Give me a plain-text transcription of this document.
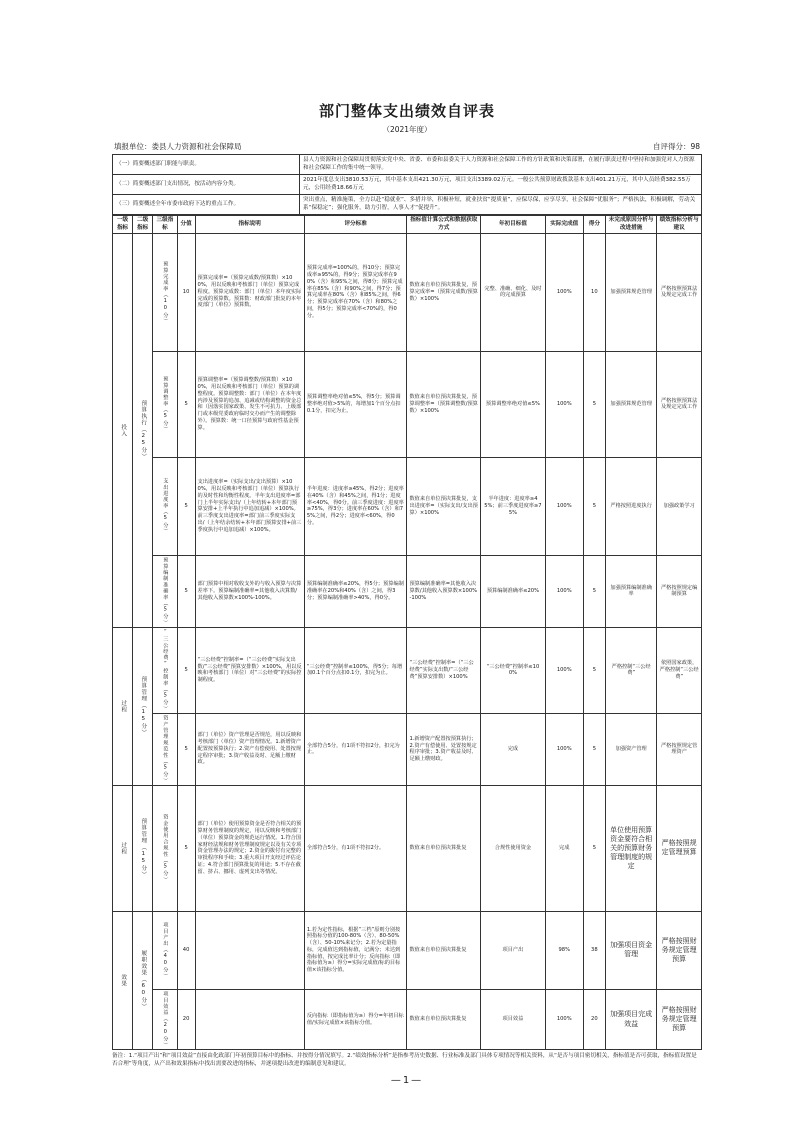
部门整体支出绩效自评表
（2021年度）
填报单位：娄县人力资源和社会保障局	自评得分：98
（一）简要概述部门职能与职责。	县人力资源和社会保障局贯彻落实党中央、省委、市委和县委关于人力资源和社会保障工作的方针政策和决策部署，在履行职责过程中坚持和加强党对人力资源和社会保障工作的集中统一领导。
（二）简要概述部门支出情况，按活动内容分类。	2021年度总支出3810.53万元，其中基本支出421.30万元，项目支出3389.02万元。一般公共预算财政拨款基本支出401.21万元，其中人员经费382.55万元，公用经费18.66万元
（三）简要概述全年市委市政府下达的重点工作。	突出重点，精准施策，全力以赴“稳就业”、多措并举，积极补短，就业扶贫“提质量”，应保尽保，应享尽享，社会保障“优服务”；严格执法，积极调解，劳动关系“保稳定”；强化服务，助力引智，人事人才“促提升”。
一级指标	二级指标	三级指标	分值	指标说明	评分标准	指标值计算公式和数据获取方式	年初目标值	实际完成值	得分	未完成原因分析与改进措施	绩效指标分析与建议
投入	预算执行（25分）	预算完成率（10分）	10	预算完成率=（预算完成数/预算数）×100%，用以反映和考核部门（单位）预算完成程度。预算完成数：部门（单位）本年度实际完成的预算数。预算数：财政部门批复的本年度部门（单位）预算数。	预算完成率=100%的，得10分；预算完成率≥95%的，得9分；预算完成率在90%（含）和95%之间，得8分；预算完成率在85%（含）和90%之间，得7分；预算完成率在80%（含）和85%之间，得6分；预算完成率在70%（含）和80%之间，得5分；预算完成率<70%的，得0分。	数值来自单位预决算批复，预算完成率=（预算完成数/预算数）×100%	完整、准确、细化、及时的完成预算	100%	10	加强预算规范管理	严格按照预算法及规定完成工作
		预算调整率（5分）	5	预算调整率=（预算调整数/预算数）×100%，用以反映和考核部门（单位）预算的调整程度。预算调整数：部门（单位）在本年度内涉及预算的追加、追减或结构调整的资金总和（因落实国家政策、发生不可抗力、上级部门或本级党委政府临时交办而产生的调整除外）。预算数：统一口径预算与政府性基金预算。	预算调整率绝对值≤5%，得5分；预算调整率绝对值>5%的，每增加1个百分点扣0.1分，扣完为止。	数值来自单位预决算批复，预算调整率=（预算调整数/预算数）×100%	预算调整率绝对值≤5%	100%	5	加强预算规范管理	严格按照预算法及规定完成工作
		支出进度率（5分）	5	支出进度率=（实际支出/支出预算）×100%，用以反映和考核部门（单位）预算执行的及时性和均衡性程度。半年支出进度率=部门上半年实际支出/（上年结转+本年部门预算安排+上半年执行中追加追减）×100%。前三季度支出进度率=部门前三季度实际支出/（上年结余结转+本年部门预算安排+前三季度执行中追加追减）×100%。	半年进度：进度率≥45%，得2分；进度率在40%（含）和45%之间，得1分；进度率<40%，得0分。前三季度进度：进度率≥75%，得3分；进度率在60%（含）和75%之间，得2分；进度率<60%，得0分。	数值来自单位预决算批复，支出进度率=（实际支出/支出预算）×100%	半年进度：进度率≥45%；前三季度进度率≥75%	100%	5	严格按照进度执行	加强政策学习
		预算编制准确率（5分）	5	部门预算中相对收收支外的与收入预算与决算差率下。预算编制准确率=其他收入决算数/其他收入预算数×100%-100%。	预算编制准确率≤20%，得5分；预算编制准确率在20%和40%（含）之间，得3分；预算编制准确率>40%，得0分。	预算编制准确率=其他收入决算数/其他收入预算数×100%-100%	预算编制准确率≤20%	100%	5	加强预算编制准确率	严格按照规定编制预算
过程	预算管理（15分）	“三公经费”控制率（5分）	5	“三公经费”控制率=（“三公经费”实际支出数/“三公经费”预算安排数）×100%，用以反映和考核部门（单位）对“三公经费”的实际控制程度。	“三公经费”控制率≤100%，得5分；每增加0.1个百分点扣0.1分，扣完为止。	“三公经费”控制率=（“三公经费”实际支出数/“三公经费”预算安排数）×100%	“三公经费”控制率≤100%	100%	5	严格控制“三公经费”	依照国家政策，严格控制“三公经费”
		资产管理规范性（5分）	5	部门（单位）资产管理是否规范，用以反映和考核部门（单位）资产管理情况。1.新增资产配置按预算执行；2.资产有偿使用、处置按规定程序审批；3.资产收益及时、足额上缴财政。	全部符合5分，有1项不符扣2分，扣完为止。	1.新增资产配置按预算执行；2.资产有偿使用、处置按规定程序审批；3.资产收益及时、足额上缴财政。	完成	100%	5	加强资产管理	严格按照规定管理资产
过程	预算管理（15分）	资金使用合规性（5分）	5	部门（单位）使用预算资金是否符合相关的预算财务管理制度的规定，用以反映和考核部门（单位）预算资金的规范运行情况。1.符合国家财经法规和财务管理制度规定以及有关专项资金管理办法的规定；2.资金的拨付有完整的审批程序和手续；3.重大项目开支经过评估论证；4.符合部门预算批复的用途；5.不存在截留、挤占、挪用、虚列支出等情况。	全部符合5分，有1项不符扣2分。	数值来自单位预决算批复	合规性使用资金	完成	5	单位使用预算资金要符合相关的预算财务管理制度的规定	严格按照规定管理预算
效果	履职效果（60分）	项目产出（40分）	40		1.若为定性指标，根据“三档”原则分别按照指标分值的100-80%（含）、80-50%（含）、50-10%来记分；2.若为定量指标，完成值达到指标值，记满分；未达到指标值，按完成比率计分；反向指标（即指标值为≥）得分=实际完成值/标的目标值×该指标分值。	数值来自单位预决算批复	项目产出	98%	38	加强项目资金管理	严格按照财务规定管理预算
		项目效益（20分）	20		反向指标（即指标值为≥）得分=年初目标值/实际完成值×该指标分值。	数值来自单位预决算批复	项目效益	100%	20	加强项目完成效益	严格按照财务规定管理预算
备注：1.“项目产出”和“项目效益”直接由化政部门年初预算目标中的指标、并按得分情况填写。2.“绩效指标分析”是指参考历史数据、行业标准及部门具体专项情况等相关资料，从“是否与项目密切相关，指标值是否可获取，指标值设置是否合理”等角度，从产出和效果指标中找出需要改进的指标，并逐项提出改进的编制意见和建议。
—1—
